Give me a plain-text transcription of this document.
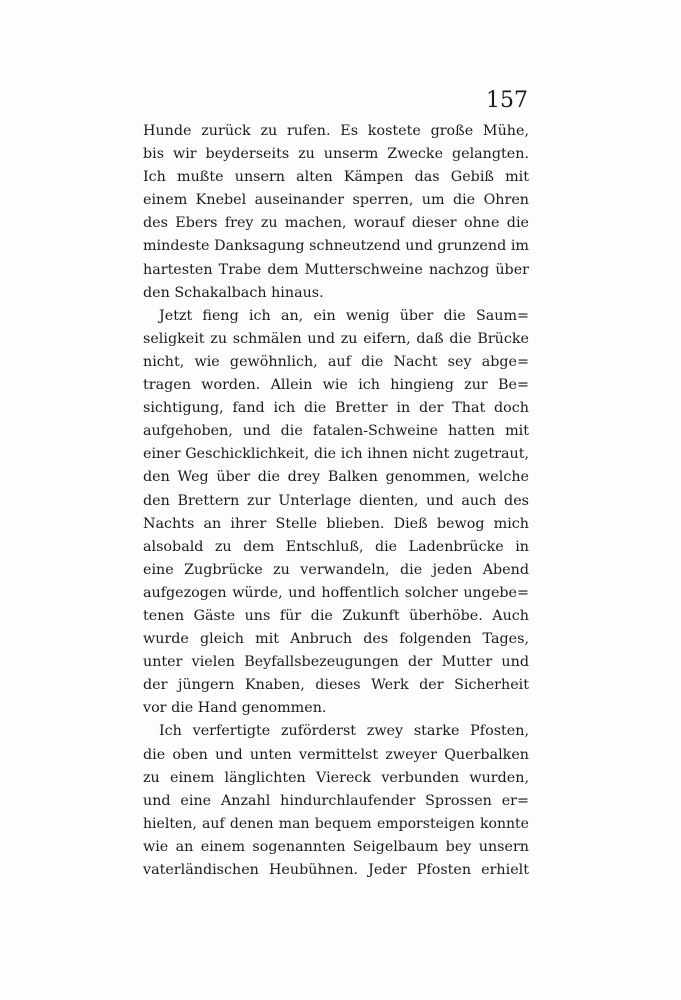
157
Hunde zurück zu rufen. Es kostete große Mühe,
bis wir beyderseits zu unserm Zwecke gelangten.
Ich mußte unsern alten Kämpen das Gebiß mit
einem Knebel auseinander sperren, um die Ohren
des Ebers frey zu machen, worauf dieser ohne die
mindeste Danksagung schneutzend und grunzend im
hartesten Trabe dem Mutterschweine nachzog über
den Schakalbach hinaus.
Jetzt fieng ich an, ein wenig über die Saum=
seligkeit zu schmälen und zu eifern, daß die Brücke
nicht, wie gewöhnlich, auf die Nacht sey abge=
tragen worden. Allein wie ich hingieng zur Be=
sichtigung, fand ich die Bretter in der That doch
aufgehoben, und die fatalen-Schweine hatten mit
einer Geschicklichkeit, die ich ihnen nicht zugetraut,
den Weg über die drey Balken genommen, welche
den Brettern zur Unterlage dienten, und auch des
Nachts an ihrer Stelle blieben. Dieß bewog mich
alsobald zu dem Entschluß, die Ladenbrücke in
eine Zugbrücke zu verwandeln, die jeden Abend
aufgezogen würde, und hoffentlich solcher ungebe=
tenen Gäste uns für die Zukunft überhöbe. Auch
wurde gleich mit Anbruch des folgenden Tages,
unter vielen Beyfallsbezeugungen der Mutter und
der jüngern Knaben, dieses Werk der Sicherheit
vor die Hand genommen.
Ich verfertigte zuförderst zwey starke Pfosten,
die oben und unten vermittelst zweyer Querbalken
zu einem länglichten Viereck verbunden wurden,
und eine Anzahl hindurchlaufender Sprossen er=
hielten, auf denen man bequem emporsteigen konnte
wie an einem sogenannten Seigelbaum bey unsern
vaterländischen Heubühnen. Jeder Pfosten erhielt
